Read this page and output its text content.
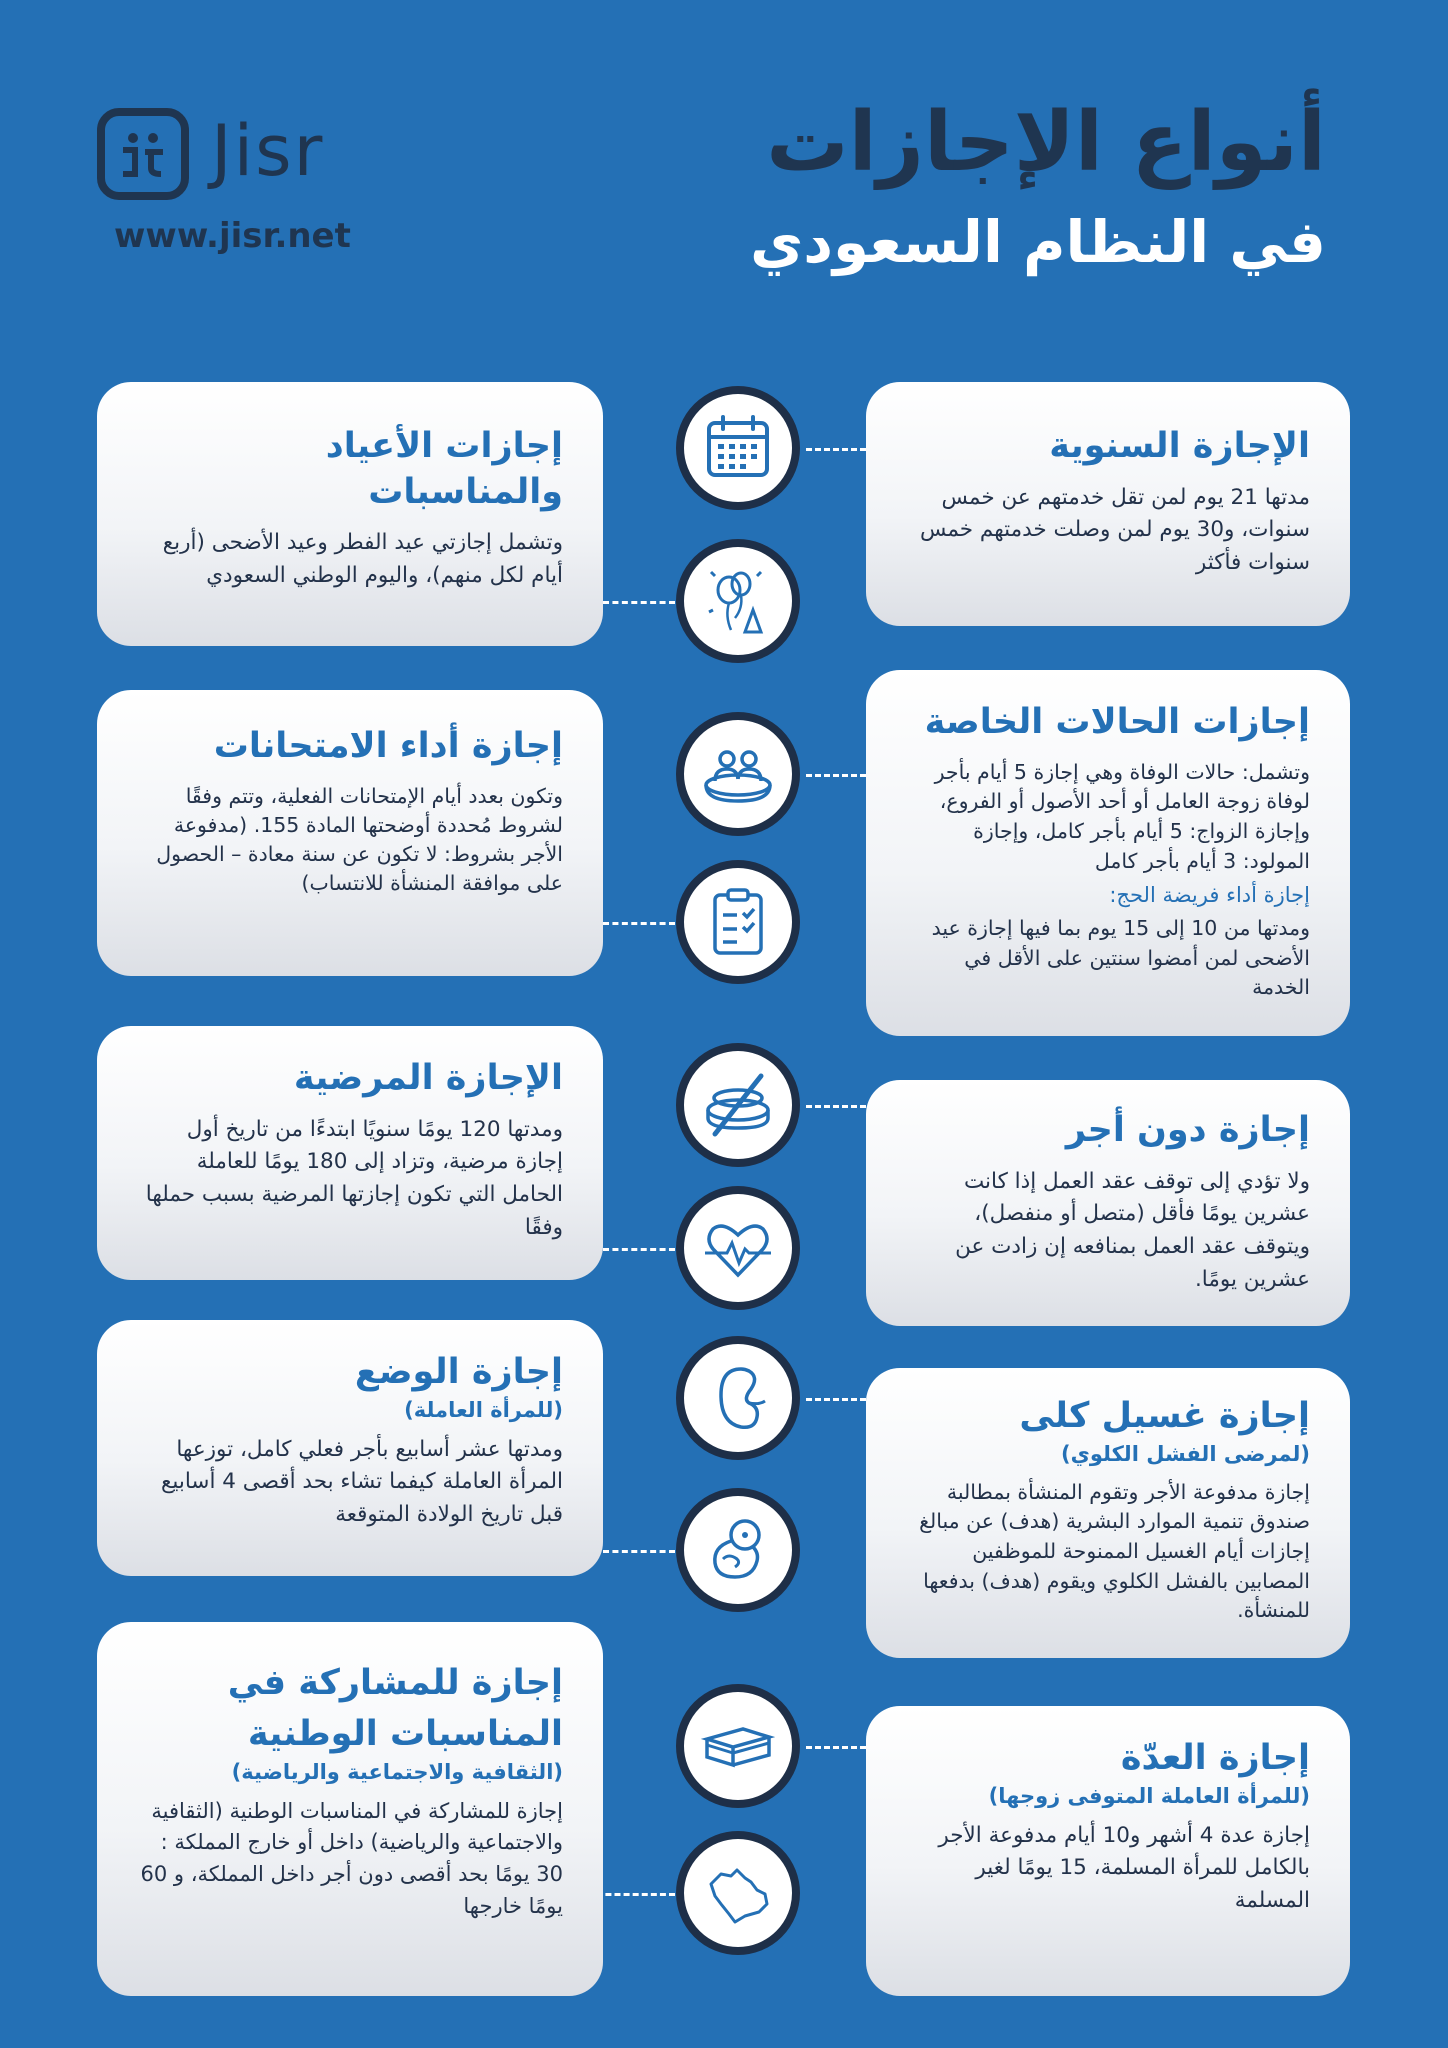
Jisr
www.jisr.net
أنواع الإجازات
في النظام السعودي
الإجازة السنوية

مدتها 21 يوم لمن تقل خدمتهم عن خمس سنوات، و30 يوم لمن وصلت خدمتهم خمس سنوات فأكثر

إجازات الحالات الخاصة

وتشمل: حالات الوفاة وهي إجازة 5 أيام بأجر لوفاة زوجة العامل أو أحد الأصول أو الفروع، وإجازة الزواج: 5 أيام بأجر كامل، وإجازة المولود: 3 أيام بأجر كامل

إجازة أداء فريضة الحج:

ومدتها من 10 إلى 15 يوم بما فيها إجازة عيد الأضحى لمن أمضوا سنتين على الأقل في الخدمة

إجازة دون أجر

ولا تؤدي إلى توقف عقد العمل إذا كانت عشرين يومًا فأقل (متصل أو منفصل)، ويتوقف عقد العمل بمنافعه إن زادت عن عشرين يومًا.

إجازة غسيل كلى
(لمرضى الفشل الكلوي)

إجازة مدفوعة الأجر وتقوم المنشأة بمطالبة صندوق تنمية الموارد البشرية (هدف) عن مبالغ إجازات أيام الغسيل الممنوحة للموظفين المصابين بالفشل الكلوي ويقوم (هدف) بدفعها للمنشأة.

إجازة العدّة
(للمرأة العاملة المتوفى زوجها)

إجازة عدة 4 أشهر و10 أيام مدفوعة الأجر بالكامل للمرأة المسلمة، 15 يومًا لغير المسلمة

إجازات الأعياد والمناسبات

وتشمل إجازتي عيد الفطر وعيد الأضحى (أربع أيام لكل منهم)، واليوم الوطني السعودي

إجازة أداء الامتحانات

وتكون بعدد أيام الإمتحانات الفعلية، وتتم وفقًا لشروط مُحددة أوضحتها المادة 155. (مدفوعة الأجر بشروط: لا تكون عن سنة معادة – الحصول على موافقة المنشأة للانتساب)

الإجازة المرضية

ومدتها 120 يومًا سنويًا ابتدءًا من تاريخ أول إجازة مرضية، وتزاد إلى 180 يومًا للعاملة الحامل التي تكون إجازتها المرضية بسبب حملها وفقًا

إجازة الوضع
(للمرأة العاملة)

ومدتها عشر أسابيع بأجر فعلي كامل، توزعها المرأة العاملة كيفما تشاء بحد أقصى 4 أسابيع قبل تاريخ الولادة المتوقعة

إجازة للمشاركة في المناسبات الوطنية
(الثقافية والاجتماعية والرياضية)

إجازة للمشاركة في المناسبات الوطنية (الثقافية والاجتماعية والرياضية) داخل أو خارج المملكة : 30 يومًا بحد أقصى دون أجر داخل المملكة، و 60 يومًا خارجها
